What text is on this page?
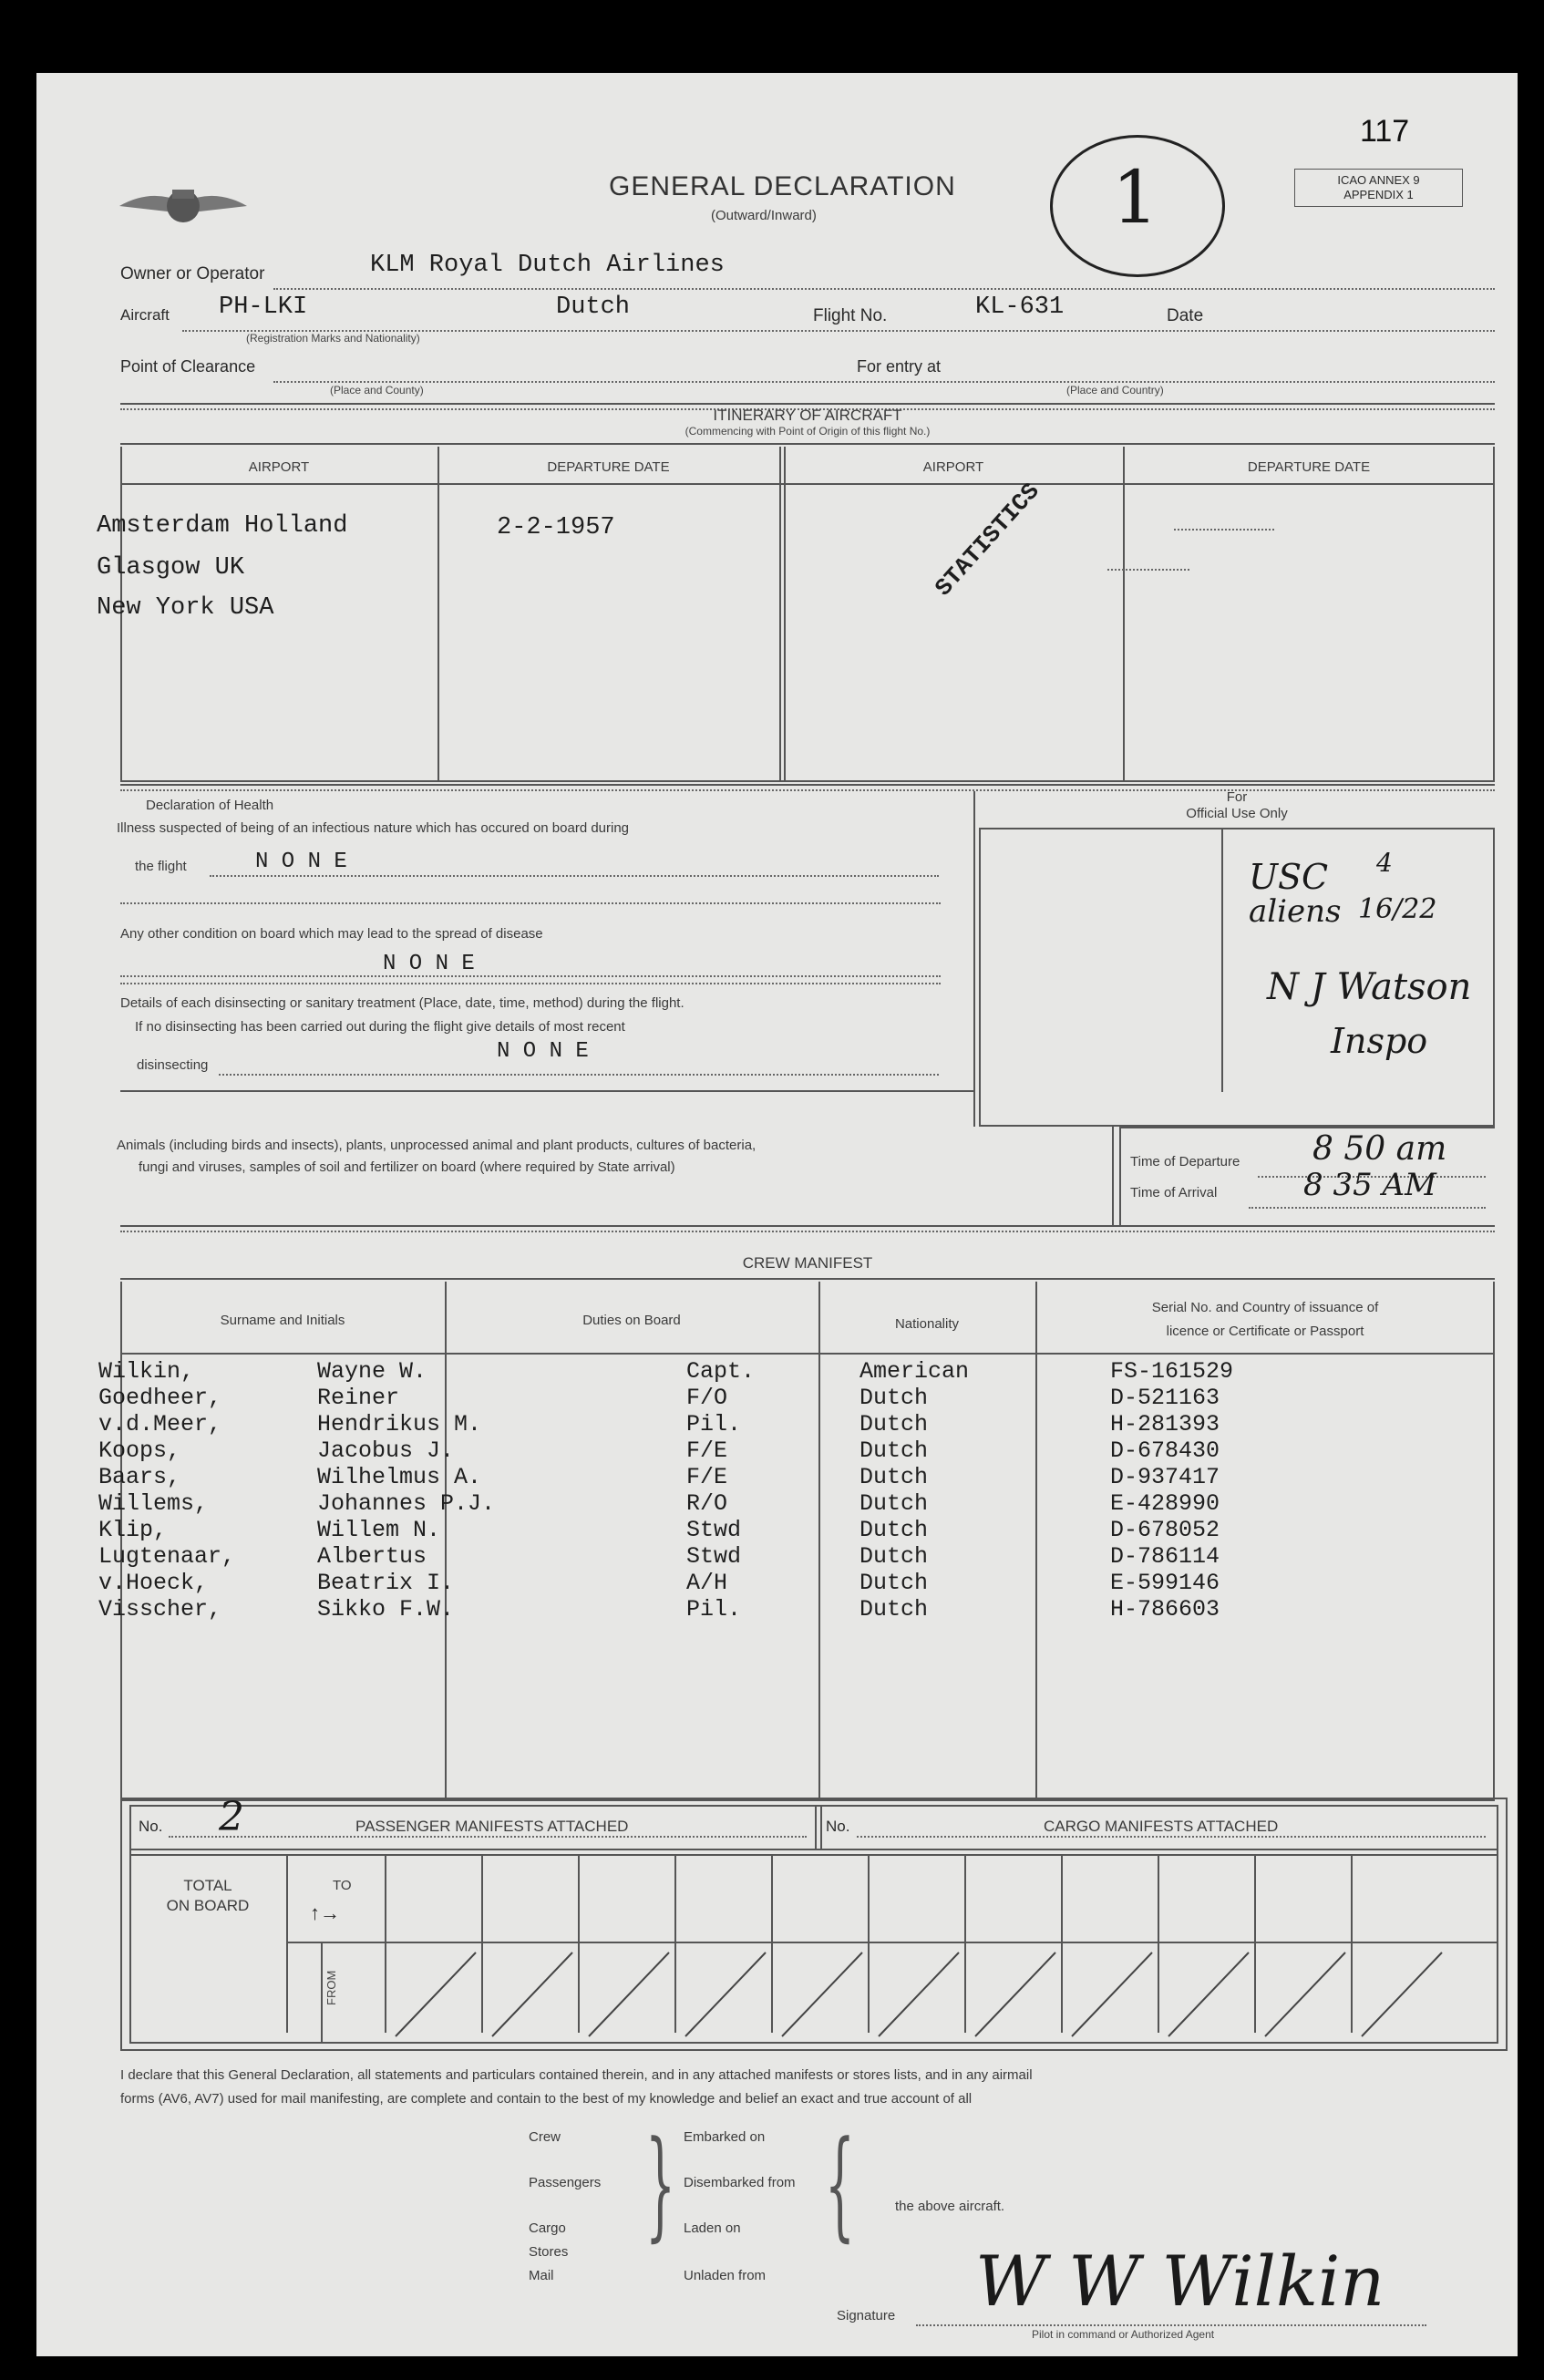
117
ICAO ANNEX 9
APPENDIX 1
1
GENERAL DECLARATION
(Outward/Inward)
Owner or Operator	KLM Royal Dutch Airlines
Aircraft PH-LKI	Dutch
(Registration Marks and Nationality)
Flight No.	KL-631	Date
Point of Clearance
(Place and County)
For entry at
(Place and Country)
ITINERARY OF AIRCRAFT
(Commencing with Point of Origin of this flight No.)
AIRPORT	DEPARTURE DATE	AIRPORT	DEPARTURE DATE
Amsterdam Holland
Glasgow UK
New York USA
2-2-1957	STATISTICS
Declaration of Health
Illness suspected of being of an infectious nature which has occured on board during
the flight	N O N E
Any other condition on board which may lead to the spread of disease
N O N E
Details of each disinsecting or sanitary treatment (Place, date, time, method) during the flight.
If no disinsecting has been carried out during the flight give details of most recent
N O N E
disinsecting
Animals (including birds and insects), plants, unprocessed animal and plant products, cultures of bacteria,
fungi and viruses, samples of soil and fertilizer on board (where required by State arrival)
For
Official Use Only
USC
aliens
4
16/22
N J Watson
Inspo
Time of Departure 8 50 am
Time of Arrival	8 35 AM
CREW MANIFEST
Surname and Initials	Duties on Board	Nationality
Serial No. and Country of issuance of
licence or Certificate or Passport
Wilkin,	Wayne W.	Capt.	American	FS-161529
Goedheer,	Reiner	F/O	Dutch	D-521163
v.d.Meer,	Hendrikus M.	Pil.	Dutch	H-281393
Koops,	Jacobus J.	F/E	Dutch	D-678430
Baars,	Wilhelmus A.	F/E	Dutch	D-937417
Willems,	Johannes P.J.	R/O	Dutch	E-428990
Klip,	Willem N.	Stwd	Dutch	D-678052
Lugtenaar,	Albertus	Stwd	Dutch	D-786114
v.Hoeck,	Beatrix I.	A/H	Dutch	E-599146
Visscher,	Sikko F.W.	Pil.	Dutch	H-786603
No. 2	PASSENGER MANIFESTS ATTACHED	No.	CARGO MANIFESTS ATTACHED
TOTAL
ON BOARD
TO
↑→
FROM
I declare that this General Declaration, all statements and particulars contained therein, and in any attached manifests or stores lists, and in any airmail
forms (AV6, AV7) used for mail manifesting, are complete and contain to the best of my knowledge and belief an exact and true account of all
Crew
Passengers
Cargo
Stores
Mail
} Embarked on
Disembarked from
Laden on
Unladen from
}	the above aircraft.
Signature W W Wilkin
Pilot in command or Authorized Agent
